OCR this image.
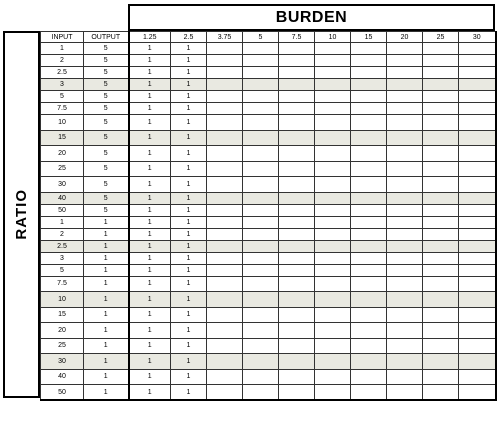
BURDEN
RATIO
INPUT	OUTPUT	1.25	2.5	3.75	5	7.5	10	15	20	25	30
1	5	1	1								
2	5	1	1								
2.5	5	1	1								
3	5	1	1								
5	5	1	1								
7.5	5	1	1								
10	5	1	1								
15	5	1	1								
20	5	1	1								
25	5	1	1								
30	5	1	1								
40	5	1	1								
50	5	1	1								
1	1	1	1								
2	1	1	1								
2.5	1	1	1								
3	1	1	1								
5	1	1	1								
7.5	1	1	1								
10	1	1	1								
15	1	1	1								
20	1	1	1								
25	1	1	1								
30	1	1	1								
40	1	1	1								
50	1	1	1								
